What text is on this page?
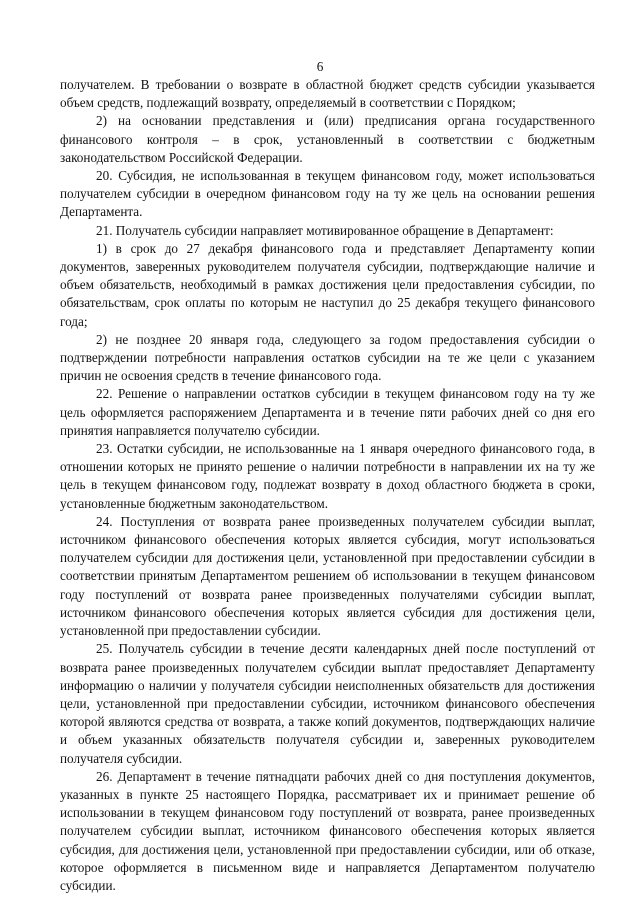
6

получателем. В требовании о возврате в областной бюджет средств субсидии указывается объем средств, подлежащий возврату, определяемый в соответствии с Порядком;

2) на основании представления и (или) предписания органа государственного финансового контроля – в срок, установленный в соответствии с бюджетным законодательством Российской Федерации.

20. Субсидия, не использованная в текущем финансовом году, может использоваться получателем субсидии в очередном финансовом году на ту же цель на основании решения Департамента.

21. Получатель субсидии направляет мотивированное обращение в Департамент:

1) в срок до 27 декабря финансового года и представляет Департаменту копии документов, заверенных руководителем получателя субсидии, подтверждающие наличие и объем обязательств, необходимый в рамках достижения цели предоставления субсидии, по обязательствам, срок оплаты по которым не наступил до 25 декабря текущего финансового года;

2) не позднее 20 января года, следующего за годом предоставления субсидии о подтверждении потребности направления остатков субсидии на те же цели с указанием причин не освоения средств в течение финансового года.

22. Решение о направлении остатков субсидии в текущем финансовом году на ту же цель оформляется распоряжением Департамента и в течение пяти рабочих дней со дня его принятия направляется получателю субсидии.

23. Остатки субсидии, не использованные на 1 января очередного финансового года, в отношении которых не принято решение о наличии потребности в направлении их на ту же цель в текущем финансовом году, подлежат возврату в доход областного бюджета в сроки, установленные бюджетным законодательством.

24. Поступления от возврата ранее произведенных получателем субсидии выплат, источником финансового обеспечения которых является субсидия, могут использоваться получателем субсидии для достижения цели, установленной при предоставлении субсидии в соответствии принятым Департаментом решением об использовании в текущем финансовом году поступлений от возврата ранее произведенных получателями субсидии выплат, источником финансового обеспечения которых является субсидия для достижения цели, установленной при предоставлении субсидии.

25. Получатель субсидии в течение десяти календарных дней после поступлений от возврата ранее произведенных получателем субсидии выплат предоставляет Департаменту информацию о наличии у получателя субсидии неисполненных обязательств для достижения цели, установленной при предоставлении субсидии, источником финансового обеспечения которой являются средства от возврата, а также копий документов, подтверждающих наличие и объем указанных обязательств получателя субсидии и, заверенных руководителем получателя субсидии.

26. Департамент в течение пятнадцати рабочих дней со дня поступления документов, указанных в пункте 25 настоящего Порядка, рассматривает их и принимает решение об использовании в текущем финансовом году поступлений от возврата, ранее произведенных получателем субсидии выплат, источником финансового обеспечения которых является субсидия, для достижения цели, установленной при предоставлении субсидии, или об отказе, которое оформляется в письменном виде и направляется Департаментом получателю субсидии.
